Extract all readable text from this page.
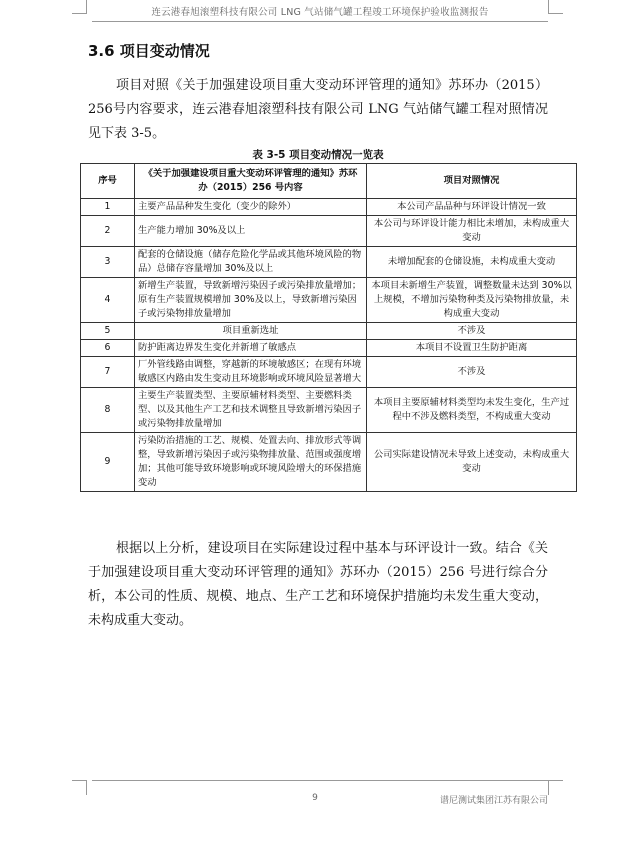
连云港春旭滚塑科技有限公司 LNG 气站储气罐工程竣工环境保护验收监测报告
3.6 项目变动情况

项目对照《关于加强建设项目重大变动环评管理的通知》苏环办（2015）256号内容要求，连云港春旭滚塑科技有限公司 LNG 气站储气罐工程对照情况见下表 3-5。

表 3-5 项目变动情况一览表
序号	《关于加强建设项目重大变动环评管理的通知》苏环办（2015）256 号内容	项目对照情况
1	主要产品品种发生变化（变少的除外）	本公司产品品种与环评设计情况一致
2	生产能力增加 30%及以上	本公司与环评设计能力相比未增加，未构成重大变动
3	配套的仓储设施（储存危险化学品或其他环境风险的物品）总储存容量增加 30%及以上	未增加配套的仓储设施，未构成重大变动
4	新增生产装置，导致新增污染因子或污染排放量增加；原有生产装置规模增加 30%及以上，导致新增污染因子或污染物排放量增加	本项目未新增生产装置，调整数量未达到 30%以上规模，不增加污染物种类及污染物排放量，未构成重大变动
5	项目重新选址	不涉及
6	防护距离边界发生变化并新增了敏感点	本项目不设置卫生防护距离
7	厂外管线路由调整，穿越新的环境敏感区；在现有环境敏感区内路由发生变动且环境影响或环境风险显著增大	不涉及
8	主要生产装置类型、主要原辅材料类型、主要燃料类型、以及其他生产工艺和技术调整且导致新增污染因子或污染物排放量增加	本项目主要原辅材料类型均未发生变化，生产过程中不涉及燃料类型，不构成重大变动
9	污染防治措施的工艺、规模、处置去向、排放形式等调整，导致新增污染因子或污染物排放量、范围或强度增加；其他可能导致环境影响或环境风险增大的环保措施变动	公司实际建设情况未导致上述变动，未构成重大变动

根据以上分析，建设项目在实际建设过程中基本与环评设计一致。结合《关于加强建设项目重大变动环评管理的通知》苏环办（2015）256 号进行综合分析，本公司的性质、规模、地点、生产工艺和环境保护措施均未发生重大变动，未构成重大变动。

9	谱尼测试集团江苏有限公司
